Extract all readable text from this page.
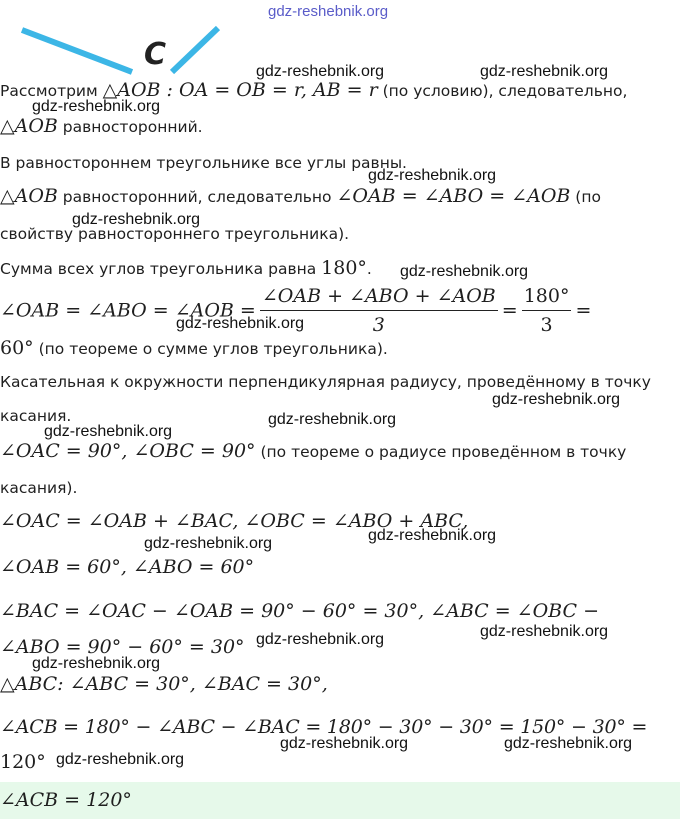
C
gdz-reshebnik.org
Рассмотрим △AOB : OA = OB = r, AB = r (по условию), следовательно,
△AOB равносторонний.
В равностороннем треугольнике все углы равны.
△AOB равносторонний, следовательно ∠OAB = ∠ABO = ∠AOB (по
свойству равностороннего треугольника).
Сумма всех углов треугольника равна 180°.
∠OAB = ∠ABO = ∠AOB = $\frac{\text{∠OAB + ∠ABO + ∠AOB}}{3} = \frac{180^\circ}{3}$ =
60° (по теореме о сумме углов треугольника).
Касательная к окружности перпендикулярная радиусу, проведённому в точку
касания.
∠OAC = 90°, ∠OBC = 90° (по теореме о радиусе проведённом в точку
касания).
∠OAC = ∠OAB + ∠BAC, ∠OBC = ∠ABO + ABC,
∠OAB = 60°, ∠ABO = 60°
∠BAC = ∠OAC − ∠OAB = 90° − 60° = 30°, ∠ABC = ∠OBC −
∠ABO = 90° − 60° = 30°
△ABC: ∠ABC = 30°, ∠BAC = 30°,
∠ACB = 180° − ∠ABC − ∠BAC = 180° − 30° − 30° = 150° − 30° =
120°
∠ACB = 120°
gdz-reshebnik.org	gdz-reshebnik.org
gdz-reshebnik.org
gdz-reshebnik.org
gdz-reshebnik.org
gdz-reshebnik.org
gdz-reshebnik.org
gdz-reshebnik.org
gdz-reshebnik.org
gdz-reshebnik.org
gdz-reshebnik.org
gdz-reshebnik.org
gdz-reshebnik.org
gdz-reshebnik.org
gdz-reshebnik.org
gdz-reshebnik.org	gdz-reshebnik.org
gdz-reshebnik.org
